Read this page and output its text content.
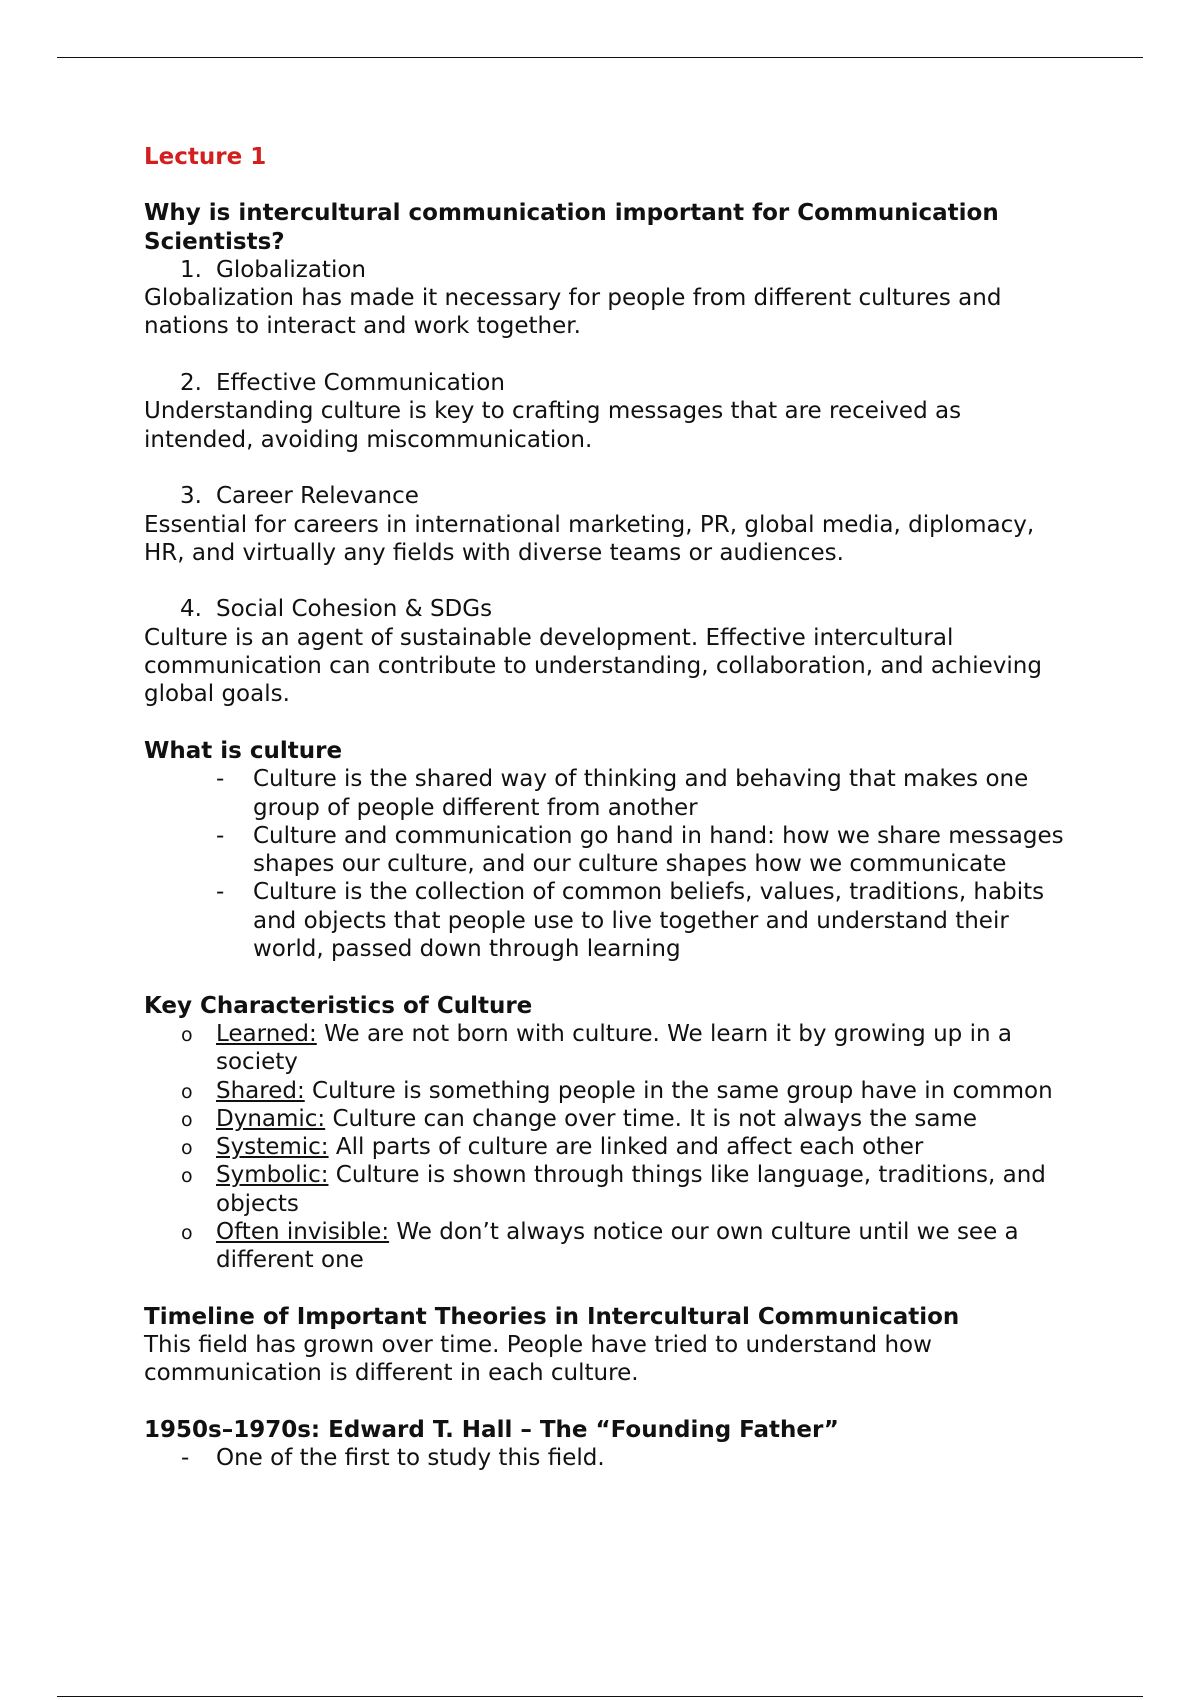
Lecture 1

Why is intercultural communication important for Communication Scientists?

1. Globalization

Globalization has made it necessary for people from different cultures and nations to interact and work together.

2. Effective Communication

Understanding culture is key to crafting messages that are received as intended, avoiding miscommunication.

3. Career Relevance

Essential for careers in international marketing, PR, global media, diplomacy, HR, and virtually any fields with diverse teams or audiences.

4. Social Cohesion & SDGs

Culture is an agent of sustainable development. Effective intercultural communication can contribute to understanding, collaboration, and achieving global goals.

What is culture

- Culture is the shared way of thinking and behaving that makes one group of people different from another
- Culture and communication go hand in hand: how we share messages shapes our culture, and our culture shapes how we communicate
- Culture is the collection of common beliefs, values, traditions, habits and objects that people use to live together and understand their world, passed down through learning

Key Characteristics of Culture

o Learned: We are not born with culture. We learn it by growing up in a society
o Shared: Culture is something people in the same group have in common
o Dynamic: Culture can change over time. It is not always the same
o Systemic: All parts of culture are linked and affect each other
o Symbolic: Culture is shown through things like language, traditions, and objects
o Often invisible: We don’t always notice our own culture until we see a different one

Timeline of Important Theories in Intercultural Communication

This field has grown over time. People have tried to understand how communication is different in each culture.

1950s–1970s: Edward T. Hall – The “Founding Father”

- One of the first to study this field.
